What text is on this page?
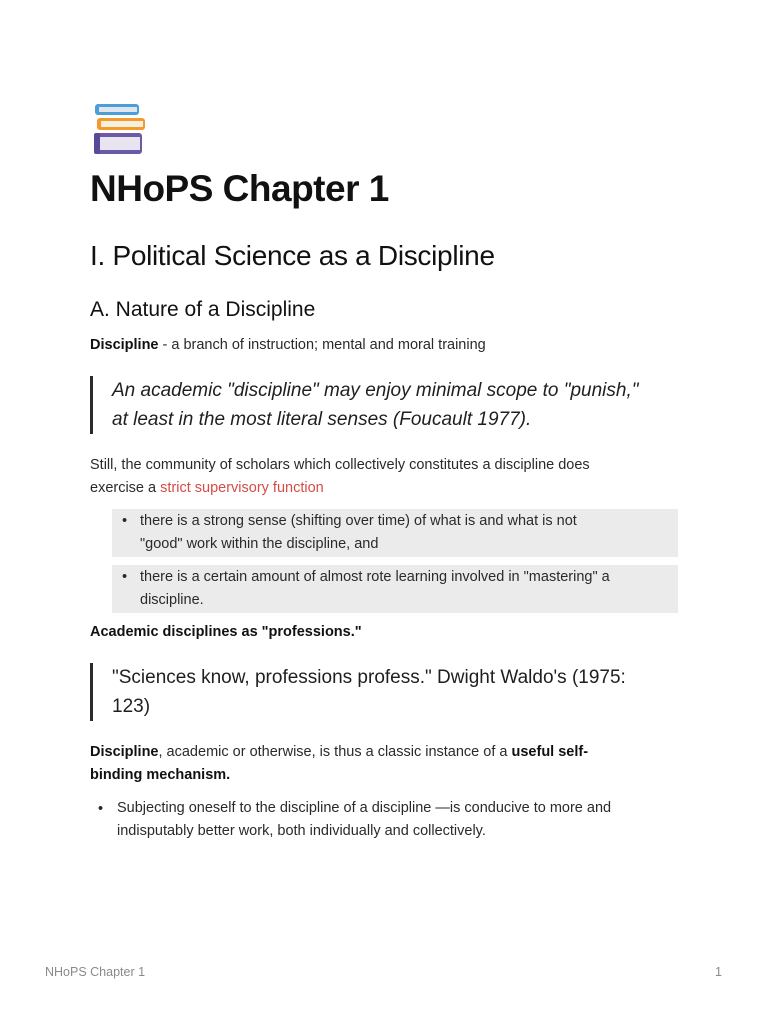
NHoPS Chapter 1
I. Political Science as a Discipline
A. Nature of a Discipline
Discipline - a branch of instruction; mental and moral training
An academic "discipline" may enjoy minimal scope to "punish,"
at least in the most literal senses (Foucault 1977).
Still, the community of scholars which collectively constitutes a discipline does
exercise a strict supervisory function
• there is a strong sense (shifting over time) of what is and what is not
"good" work within the discipline, and
• there is a certain amount of almost rote learning involved in "mastering" a
discipline.
Academic disciplines as "professions."
"Sciences know, professions profess." Dwight Waldo's (1975:
123)
Discipline, academic or otherwise, is thus a classic instance of a useful self-
binding mechanism.
• Subjecting oneself to the discipline of a discipline —is conducive to more and
indisputably better work, both individually and collectively.
NHoPS Chapter 1	1
